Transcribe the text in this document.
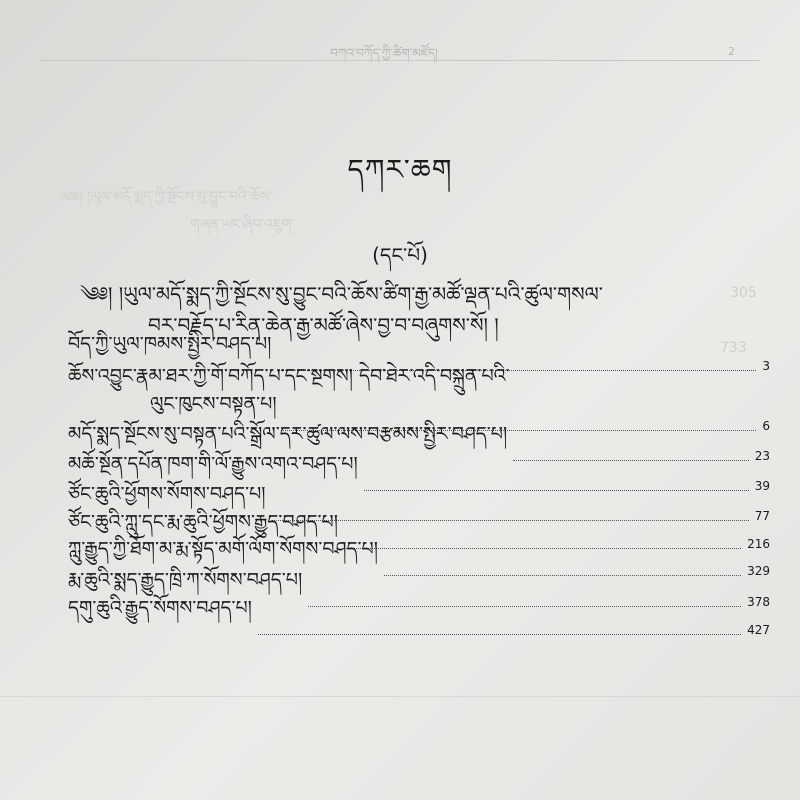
བཀའ་བཀོད་ཀྱི་ཚིག་མཛོད།	2
༄༅། །ཡུལ་མདོ་སྨད་ཀྱི་སྔོངས་སུ་བྱུང་བའི་ཆོས་
གཞན་ཡང་ཞིབ་འཇུག་
305
733
དཀར་ཆག
(དང་པོ)
༄༅། །ཡུལ་མདོ་སྨད་ཀྱི་སྔོངས་སུ་བྱུང་བའི་ཆོས་ཚིག་རྒྱ་མཚོ་ལྡན་པའི་ཚུལ་གསལ་
བར་བརྗོད་པ་རིན་ཆེན་རྒྱ་མཚོ་ཞེས་བྱ་བ་བཞུགས་སོ། །
བོད་ཀྱི་ཡུལ་ཁམས་སྤྱིར་བཤད་པ།
3
ཆོས་འབྱུང་རྣམ་ཐར་ཀྱི་གོ་བཀོད་པ་དང་སྔགས། དེབ་ཐེར་འདི་བསྐྲུན་པའི་
ལུང་ཁུངས་བསྟན་པ།
6
མདོ་སྨད་སྔོངས་སུ་བསྟན་པའི་སྒྲོལ་དར་ཚུལ་ལས་བརྩམས་སྤྱིར་བཤད་པ།
23
མཆོ་སྔོན་དཔོན་ཁག་གི་ལོ་རྒྱུས་འགའ་བཤད་པ།
39
ཙོང་ཆུའི་ཕྱོགས་སོགས་བཤད་པ།
77
ཙོང་ཆུའི་ཀླུ་དང་རྨ་ཆུའི་ཕྱོགས་རྒྱུད་བཤད་པ།
216
ཀླུ་རྒྱུད་ཀྱི་ཐོག་མ་རྨ་སྟོད་མགོ་ལོག་སོགས་བཤད་པ།
329
རྨ་ཆུའི་སྨད་རྒྱུད་ཁྲི་ཀ་སོགས་བཤད་པ།
378
དགུ་ཆུའི་རྒྱུད་སོགས་བཤད་པ།
427
